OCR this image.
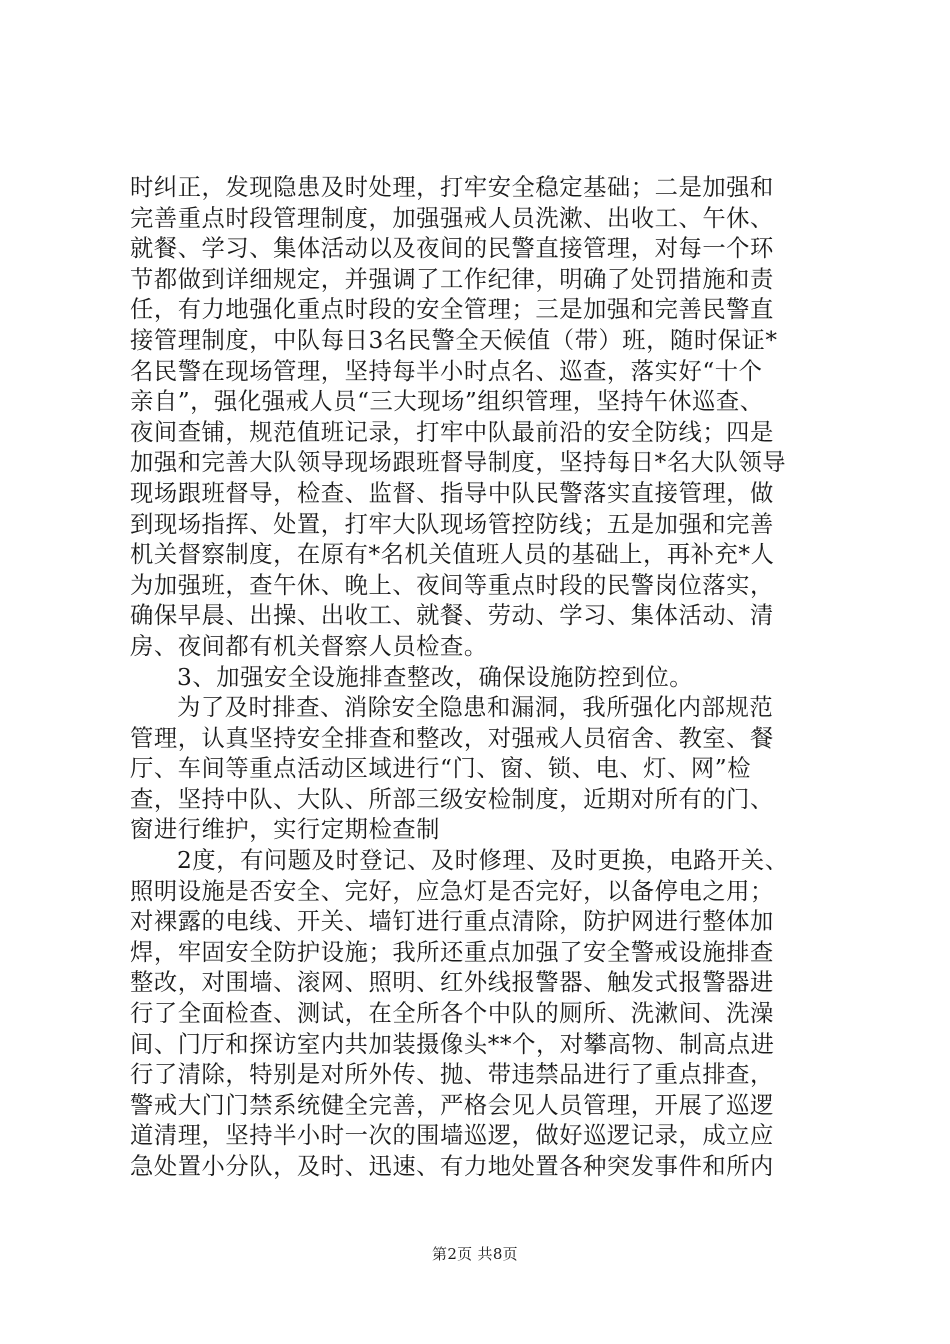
时纠正，发现隐患及时处理，打牢安全稳定基础；二是加强和
完善重点时段管理制度，加强强戒人员洗漱、出收工、午休、
就餐、学习、集体活动以及夜间的民警直接管理，对每一个环
节都做到详细规定，并强调了工作纪律，明确了处罚措施和责
任，有力地强化重点时段的安全管理；三是加强和完善民警直
接管理制度，中队每日3名民警全天候值（带）班，随时保证*
名民警在现场管理，坚持每半小时点名、巡查，落实好“十个
亲自”，强化强戒人员“三大现场”组织管理，坚持午休巡查、
夜间查铺，规范值班记录，打牢中队最前沿的安全防线；四是
加强和完善大队领导现场跟班督导制度，坚持每日*名大队领导
现场跟班督导，检查、监督、指导中队民警落实直接管理，做
到现场指挥、处置，打牢大队现场管控防线；五是加强和完善
机关督察制度，在原有*名机关值班人员的基础上，再补充*人
为加强班，查午休、晚上、夜间等重点时段的民警岗位落实，
确保早晨、出操、出收工、就餐、劳动、学习、集体活动、清
房、夜间都有机关督察人员检查。
3、加强安全设施排查整改，确保设施防控到位。
为了及时排查、消除安全隐患和漏洞，我所强化内部规范
管理，认真坚持安全排查和整改，对强戒人员宿舍、教室、餐
厅、车间等重点活动区域进行“门、窗、锁、电、灯、网”检
查，坚持中队、大队、所部三级安检制度，近期对所有的门、
窗进行维护，实行定期检查制
2度，有问题及时登记、及时修理、及时更换，电路开关、
照明设施是否安全、完好，应急灯是否完好，以备停电之用；
对裸露的电线、开关、墙钉进行重点清除，防护网进行整体加
焊，牢固安全防护设施；我所还重点加强了安全警戒设施排查
整改，对围墙、滚网、照明、红外线报警器、触发式报警器进
行了全面检查、测试，在全所各个中队的厕所、洗漱间、洗澡
间、门厅和探访室内共加装摄像头**个，对攀高物、制高点进
行了清除，特别是对所外传、抛、带违禁品进行了重点排查，
警戒大门门禁系统健全完善，严格会见人员管理，开展了巡逻
道清理，坚持半小时一次的围墙巡逻，做好巡逻记录，成立应
急处置小分队，及时、迅速、有力地处置各种突发事件和所内
第2页 共8页
